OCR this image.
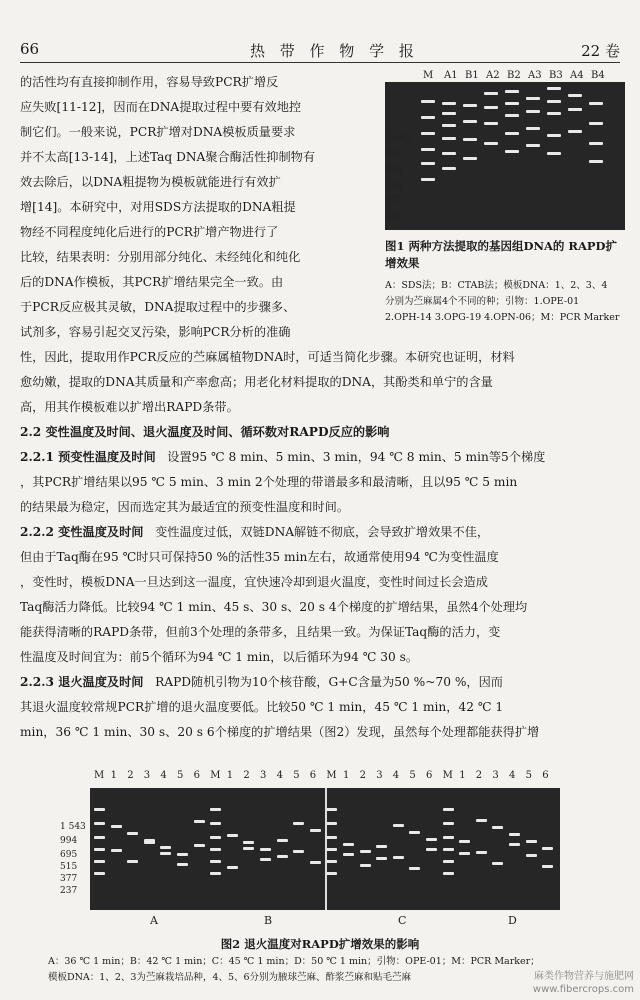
66	热 带 作 物 学 报	22 卷
的活性均有直接抑制作用，容易导致PCR扩增反
应失败[11-12]，因而在DNA提取过程中要有效地控
制它们。一般来说，PCR扩增对DNA模板质量要求
并不太高[13-14]，上述Taq DNA聚合酶活性抑制物有
效去除后，以DNA粗提物为模板就能进行有效扩
增[14]。本研究中，对用SDS方法提取的DNA粗提
物经不同程度纯化后进行的PCR扩增产物进行了
比较，结果表明：分别用部分纯化、未经纯化和纯化
后的DNA作模板，其PCR扩增结果完全一致。由
于PCR反应极其灵敏，DNA提取过程中的步骤多、
试剂多，容易引起交叉污染，影响PCR分析的准确
M A1 B1 A2 B2 A3 B3 A4 B4
1 543
994
695
515
377
237
图1 两种方法提取的基因组DNA的 RAPD扩增效果
A：SDS法；B：CTAB法；模板DNA：1、2、3、4
分别为苎麻属4个不同的种；引物：1.OPE-01
2.OPH-14 3.OPG-19 4.OPN-06；M：PCR Marker
性，因此，提取用作PCR反应的苎麻属植物DNA时，可适当简化步骤。本研究也证明，材料
愈幼嫩，提取的DNA其质量和产率愈高；用老化材料提取的DNA，其酚类和单宁的含量
高，用其作模板难以扩增出RAPD条带。
2.2 变性温度及时间、退火温度及时间、循环数对RAPD反应的影响
2.2.1 预变性温度及时间 设置95 ℃ 8 min、5 min、3 min，94 ℃ 8 min、5 min等5个梯度
，其PCR扩增结果以95 ℃ 5 min、3 min 2个处理的带谱最多和最清晰，且以95 ℃ 5 min
的结果最为稳定，因而选定其为最适宜的预变性温度和时间。
2.2.2 变性温度及时间 变性温度过低，双链DNA解链不彻底，会导致扩增效果不佳，
但由于Taq酶在95 ℃时只可保持50 %的活性35 min左右，故通常使用94 ℃为变性温度
，变性时，模板DNA一旦达到这一温度，宜快速冷却到退火温度，变性时间过长会造成
Taq酶活力降低。比较94 ℃ 1 min、45 s、30 s、20 s 4个梯度的扩增结果，虽然4个处理均
能获得清晰的RAPD条带，但前3个处理的条带多，且结果一致。为保证Taq酶的活力，变
性温度及时间宜为：前5个循环为94 ℃ 1 min，以后循环为94 ℃ 30 s。
2.2.3 退火温度及时间 RAPD随机引物为10个核苷酸，G+C含量为50 %~70 %，因而
其退火温度较常规PCR扩增的退火温度要低。比较50 ℃ 1 min，45 ℃ 1 min，42 ℃ 1
min，36 ℃ 1 min、30 s、20 s 6个梯度的扩增结果（图2）发现，虽然每个处理都能获得扩增
M 1 2 3 4 5 6 M 1 2 3 4 5 6 M 1 2 3 4 5 6 M 1 2 3 4 5 6
1 543
994
695
515
377
237
A	B	C	D
图2 退火温度对RAPD扩增效果的影响
A：36 ℃ 1 min；B：42 ℃ 1 min；C：45 ℃ 1 min；D：50 ℃ 1 min；引物：OPE-01；M：PCR Marker；
模板DNA：1、2、3为苎麻栽培品种，4、5、6分别为腋球苎麻、酢浆苎麻和贴毛苎麻	麻类作物营养与施肥网
www.fibercrops.com
